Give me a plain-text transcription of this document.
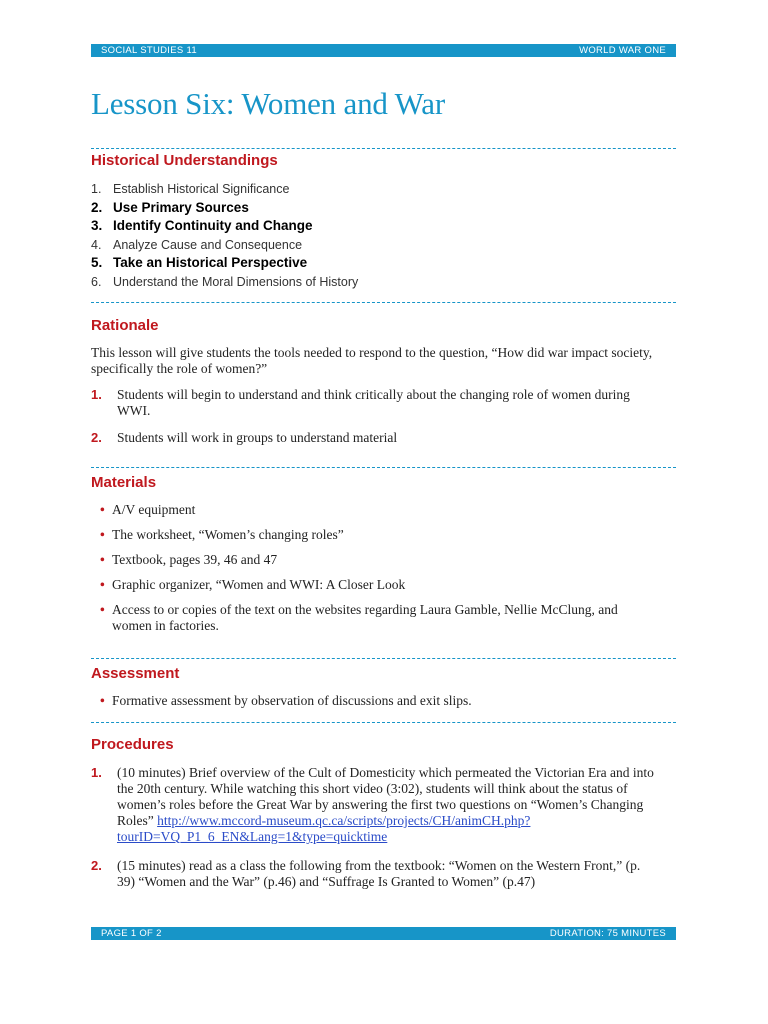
SOCIAL STUDIES 11	WORLD WAR ONE
Lesson Six: Women and War
Historical Understandings
1. Establish Historical Significance
2. Use Primary Sources
3. Identify Continuity and Change
4. Analyze Cause and Consequence
5. Take an Historical Perspective
6. Understand the Moral Dimensions of History
Rationale

This lesson will give students the tools needed to respond to the question, “How did war impact society, specifically the role of women?”

1.	Students will begin to understand and think critically about the changing role of women during WWI.
2.	Students will work in groups to understand material
Materials
• A/V equipment
• The worksheet, “Women’s changing roles”
• Textbook, pages 39, 46 and 47
• Graphic organizer, “Women and WWI: A Closer Look
• Access to or copies of the text on the websites regarding Laura Gamble, Nellie McClung, and women in factories.
Assessment
• Formative assessment by observation of discussions and exit slips.
Procedures
1.	(10 minutes) Brief overview of the Cult of Domesticity which permeated the Victorian Era and into the 20th century. While watching this short video (3:02), students will think about the status of women’s roles before the Great War by answering the first two questions on “Women’s Changing Roles” http://www.mccord-museum.qc.ca/scripts/projects/CH/animCH.php?tourID=VQ_P1_6_EN&Lang=1&type=quicktime
2.	(15 minutes) read as a class the following from the textbook: “Women on the Western Front,” (p. 39) “Women and the War” (p.46) and “Suffrage Is Granted to Women” (p.47)
PAGE 1 OF 2	DURATION: 75 MINUTES
